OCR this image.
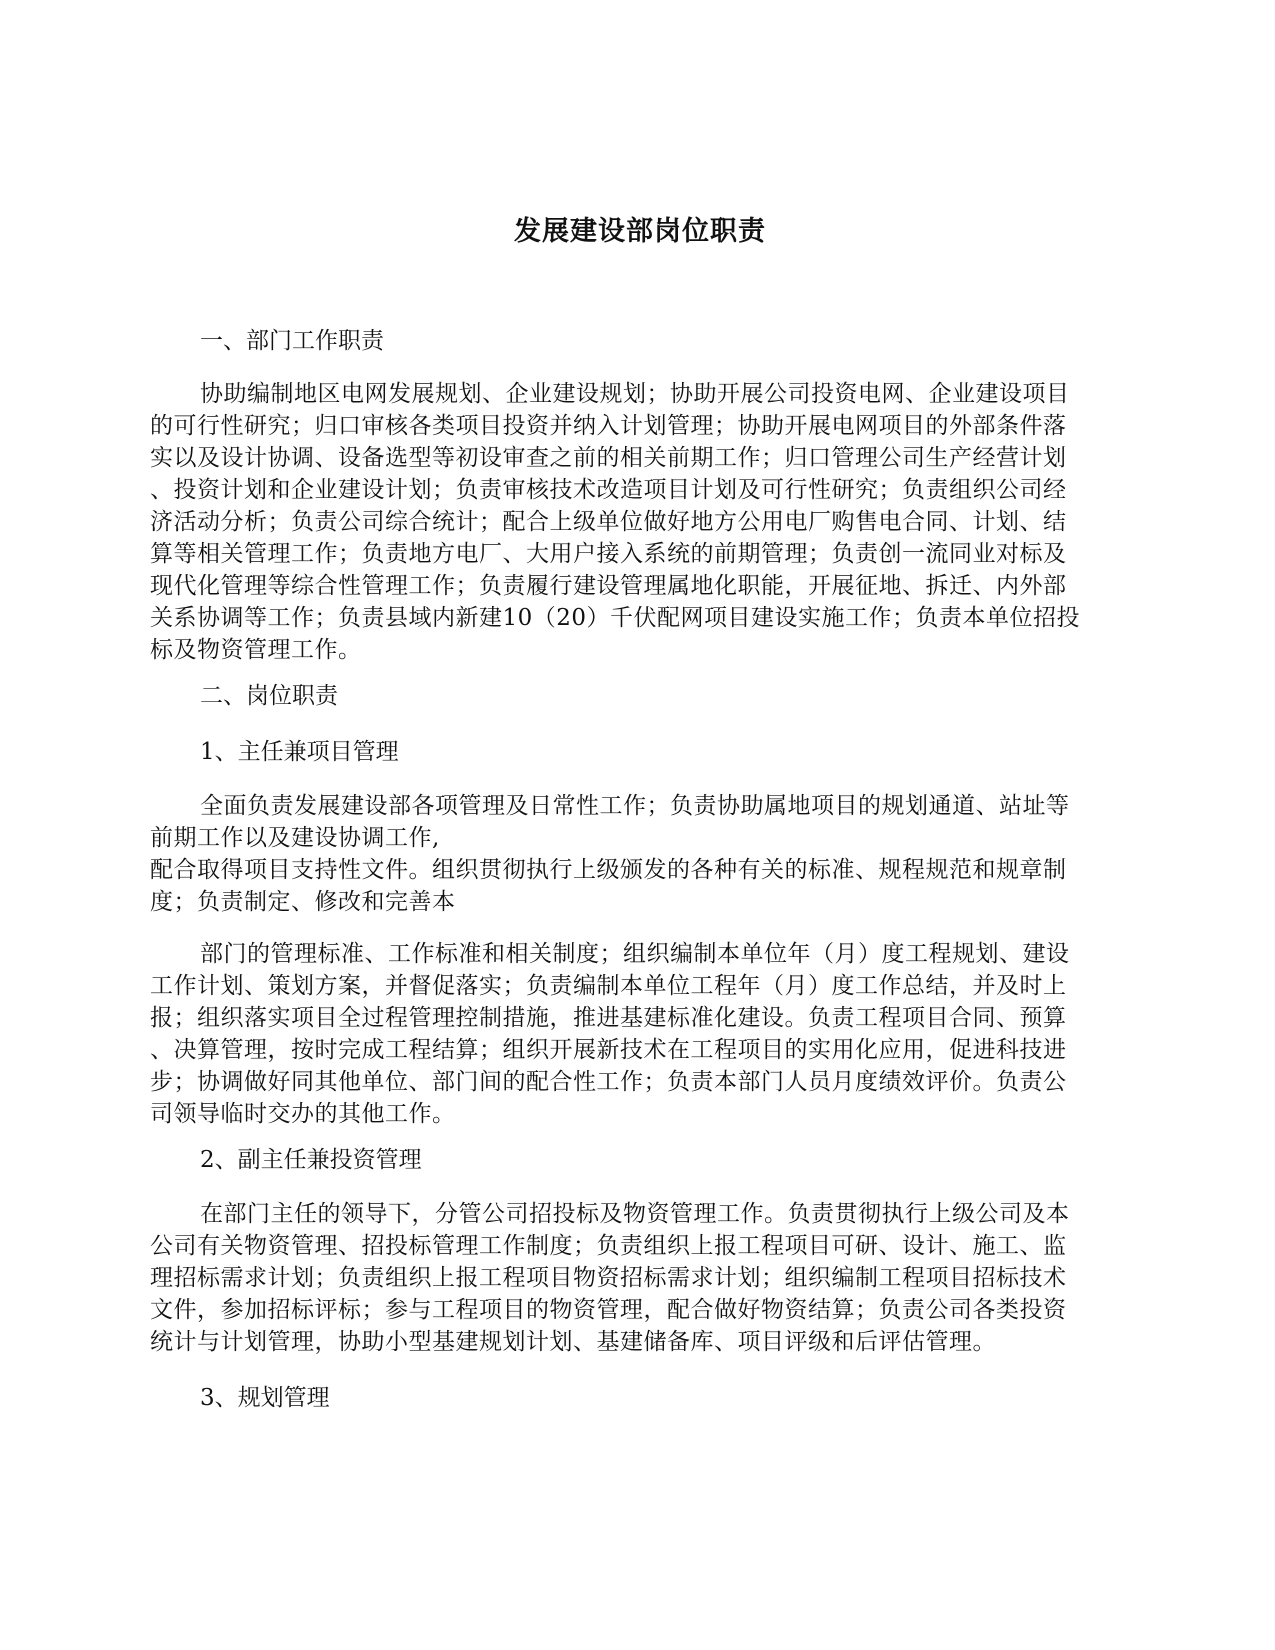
发展建设部岗位职责

一、部门工作职责

协助编制地区电网发展规划、企业建设规划；协助开展公司投资电网、企业建设项目
的可行性研究；归口审核各类项目投资并纳入计划管理；协助开展电网项目的外部条件落
实以及设计协调、设备选型等初设审查之前的相关前期工作；归口管理公司生产经营计划
、投资计划和企业建设计划；负责审核技术改造项目计划及可行性研究；负责组织公司经
济活动分析；负责公司综合统计；配合上级单位做好地方公用电厂购售电合同、计划、结
算等相关管理工作；负责地方电厂、大用户接入系统的前期管理；负责创一流同业对标及
现代化管理等综合性管理工作；负责履行建设管理属地化职能，开展征地、拆迁、内外部
关系协调等工作；负责县域内新建10（20）千伏配网项目建设实施工作；负责本单位招投
标及物资管理工作。

二、岗位职责

1、主任兼项目管理

全面负责发展建设部各项管理及日常性工作；负责协助属地项目的规划通道、站址等
前期工作以及建设协调工作,
配合取得项目支持性文件。组织贯彻执行上级颁发的各种有关的标准、规程规范和规章制
度；负责制定、修改和完善本
部门的管理标准、工作标准和相关制度；组织编制本单位年（月）度工程规划、建设
工作计划、策划方案，并督促落实；负责编制本单位工程年（月）度工作总结，并及时上
报；组织落实项目全过程管理控制措施，推进基建标准化建设。负责工程项目合同、预算
、决算管理，按时完成工程结算；组织开展新技术在工程项目的实用化应用，促进科技进
步；协调做好同其他单位、部门间的配合性工作；负责本部门人员月度绩效评价。负责公
司领导临时交办的其他工作。

2、副主任兼投资管理

在部门主任的领导下，分管公司招投标及物资管理工作。负责贯彻执行上级公司及本
公司有关物资管理、招投标管理工作制度；负责组织上报工程项目可研、设计、施工、监
理招标需求计划；负责组织上报工程项目物资招标需求计划；组织编制工程项目招标技术
文件，参加招标评标；参与工程项目的物资管理，配合做好物资结算；负责公司各类投资
统计与计划管理，协助小型基建规划计划、基建储备库、项目评级和后评估管理。

3、规划管理
